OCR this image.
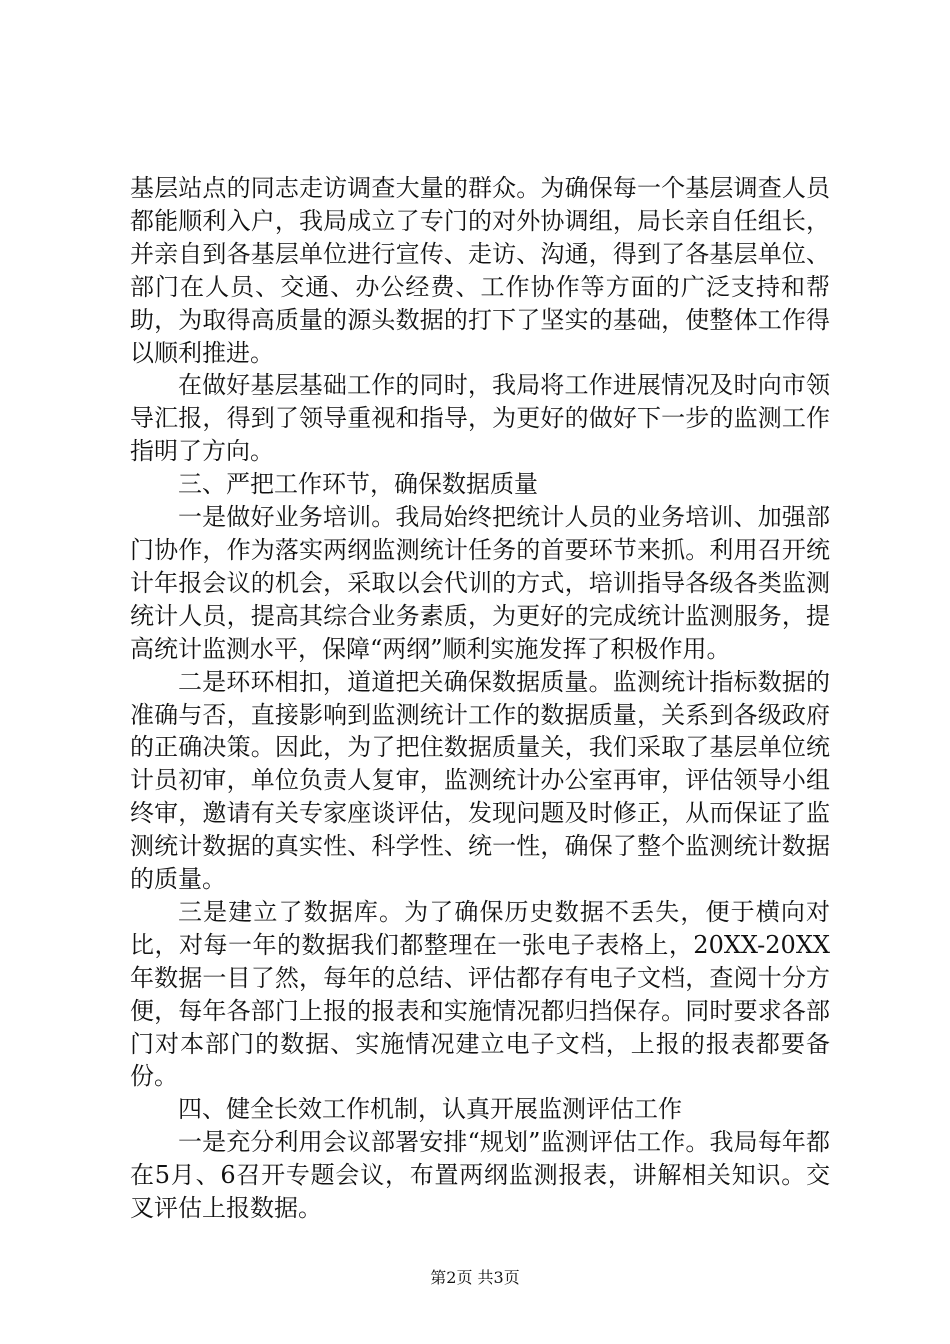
基层站点的同志走访调查大量的群众。为确保每一个基层调查人员都能顺利入户，我局成立了专门的对外协调组，局长亲自任组长，并亲自到各基层单位进行宣传、走访、沟通，得到了各基层单位、部门在人员、交通、办公经费、工作协作等方面的广泛支持和帮助，为取得高质量的源头数据的打下了坚实的基础，使整体工作得以顺利推进。

在做好基层基础工作的同时，我局将工作进展情况及时向市领导汇报，得到了领导重视和指导，为更好的做好下一步的监测工作指明了方向。

三、严把工作环节，确保数据质量

一是做好业务培训。我局始终把统计人员的业务培训、加强部门协作，作为落实两纲监测统计任务的首要环节来抓。利用召开统计年报会议的机会，采取以会代训的方式，培训指导各级各类监测统计人员，提高其综合业务素质，为更好的完成统计监测服务，提高统计监测水平，保障“两纲”顺利实施发挥了积极作用。

二是环环相扣，道道把关确保数据质量。监测统计指标数据的准确与否，直接影响到监测统计工作的数据质量，关系到各级政府的正确决策。因此，为了把住数据质量关，我们采取了基层单位统计员初审，单位负责人复审，监测统计办公室再审，评估领导小组终审，邀请有关专家座谈评估，发现问题及时修正，从而保证了监测统计数据的真实性、科学性、统一性，确保了整个监测统计数据的质量。

三是建立了数据库。为了确保历史数据不丢失，便于横向对比，对每一年的数据我们都整理在一张电子表格上，20XX-20XX年数据一目了然，每年的总结、评估都存有电子文档，查阅十分方便，每年各部门上报的报表和实施情况都归挡保存。同时要求各部门对本部门的数据、实施情况建立电子文档，上报的报表都要备份。

四、健全长效工作机制，认真开展监测评估工作

一是充分利用会议部署安排“规划”监测评估工作。我局每年都在5月、6召开专题会议，布置两纲监测报表，讲解相关知识。交叉评估上报数据。

第2页 共3页
